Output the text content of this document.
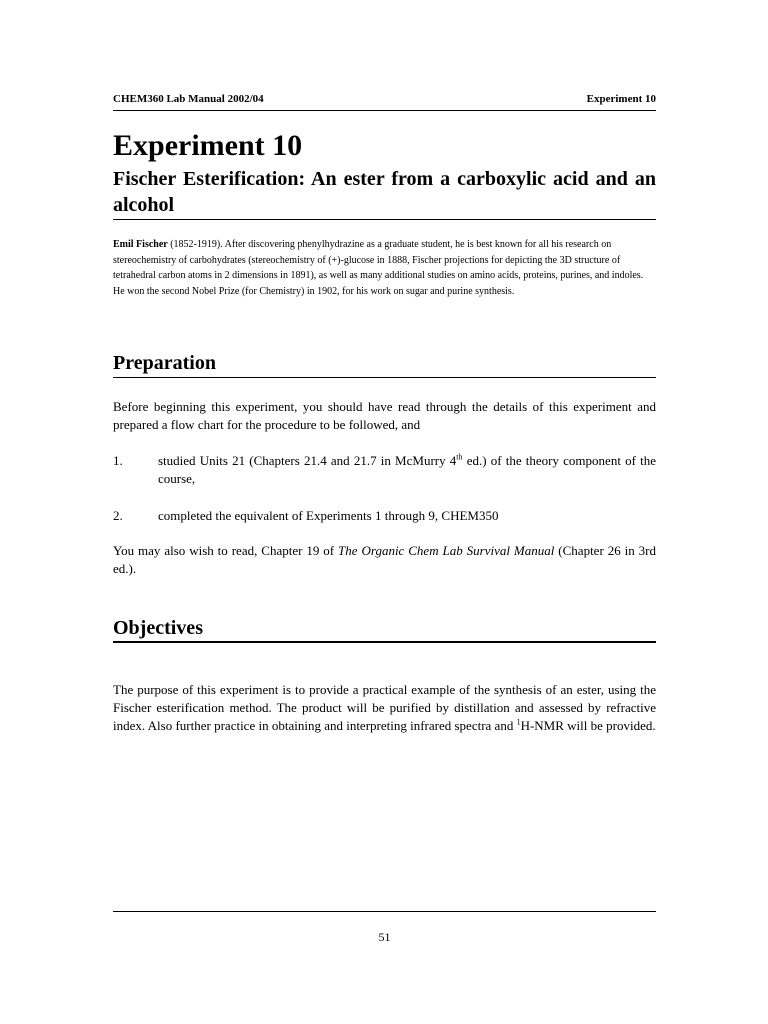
CHEM360 Lab Manual 2002/04	Experiment 10
Experiment 10
Fischer Esterification: An ester from a carboxylic acid and an alcohol

Emil Fischer (1852-1919). After discovering phenylhydrazine as a graduate student, he is best known for all his research on stereochemistry of carbohydrates (stereochemistry of (+)-glucose in 1888, Fischer projections for depicting the 3D structure of tetrahedral carbon atoms in 2 dimensions in 1891), as well as many additional studies on amino acids, proteins, purines, and indoles. He won the second Nobel Prize (for Chemistry) in 1902, for his work on sugar and purine synthesis.

Preparation

Before beginning this experiment, you should have read through the details of this experiment and prepared a flow chart for the procedure to be followed, and

1.	studied Units 21 (Chapters 21.4 and 21.7 in McMurry 4th ed.) of the theory component of the course,
2.	completed the equivalent of Experiments 1 through 9, CHEM350

You may also wish to read, Chapter 19 of The Organic Chem Lab Survival Manual (Chapter 26 in 3rd ed.).

Objectives

The purpose of this experiment is to provide a practical example of the synthesis of an ester, using the Fischer esterification method. The product will be purified by distillation and assessed by refractive index. Also further practice in obtaining and interpreting infrared spectra and $^1$H-NMR will be provided.

51
